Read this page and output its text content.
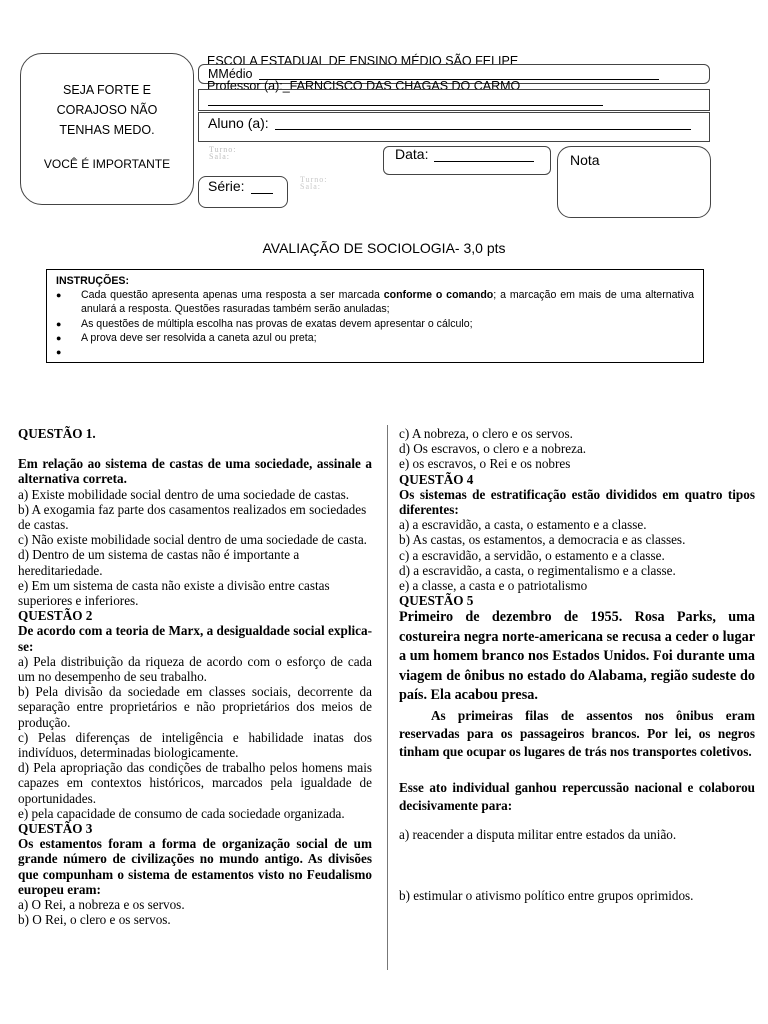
SEJA FORTE E
CORAJOSO NÃO
TENHAS MEDO.
VOCÊ É IMPORTANTE
ESCOLA ESTADUAL DE ENSINO MÉDIO SÃO FELIPE
MMédio
Professor (a):_FARNCISCO DAS CHAGAS DO CARMO
Aluno (a):
Turno:
Sala:	Data:	Nota
Série:	Turno:
Sala:
AVALIAÇÃO DE SOCIOLOGIA- 3,0 pts
INSTRUÇÕES:
● Cada questão apresenta apenas uma resposta a ser marcada conforme o comando; a marcação em mais de uma alternativa anulará a resposta. Questões rasuradas também serão anuladas;
● As questões de múltipla escolha nas provas de exatas devem apresentar o cálculo;
● A prova deve ser resolvida a caneta azul ou preta;

QUESTÃO 1.

Em relação ao sistema de castas de uma sociedade, assinale a alternativa correta.

a) Existe mobilidade social dentro de uma sociedade de castas.

b) A exogamia faz parte dos casamentos realizados em sociedades de castas.

c) Não existe mobilidade social dentro de uma sociedade de casta.

d) Dentro de um sistema de castas não é importante a hereditariedade.

e) Em um sistema de casta não existe a divisão entre castas superiores e inferiores.

QUESTÃO 2

De acordo com a teoria de Marx, a desigualdade social explica-se:

a) Pela distribuição da riqueza de acordo com o esforço de cada um no desempenho de seu trabalho.

b) Pela divisão da sociedade em classes sociais, decorrente da separação entre proprietários e não proprietários dos meios de produção.

c) Pelas diferenças de inteligência e habilidade inatas dos indivíduos, determinadas biologicamente.

d) Pela apropriação das condições de trabalho pelos homens mais capazes em contextos históricos, marcados pela igualdade de oportunidades.

e) pela capacidade de consumo de cada sociedade organizada.

QUESTÃO 3

Os estamentos foram a forma de organização social de um grande número de civilizações no mundo antigo. As divisões que compunham o sistema de estamentos visto no Feudalismo europeu eram:

a) O Rei, a nobreza e os servos.

b) O Rei, o clero e os servos.

c) A nobreza, o clero e os servos.

d) Os escravos, o clero e a nobreza.

e) os escravos, o Rei e os nobres

QUESTÃO 4

Os sistemas de estratificação estão divididos em quatro tipos diferentes:

a) a escravidão, a casta, o estamento e a classe.

b) As castas, os estamentos, a democracia e as classes.

c) a escravidão, a servidão, o estamento e a classe.

d) a escravidão, a casta, o regimentalismo e a classe.

e) a classe, a casta e o patriotalismo

QUESTÃO 5

Primeiro de dezembro de 1955. Rosa Parks, uma costureira negra norte-americana se recusa a ceder o lugar a um homem branco nos Estados Unidos. Foi durante uma viagem de ônibus no estado do Alabama, região sudeste do país. Ela acabou presa.

As primeiras filas de assentos nos ônibus eram reservadas para os passageiros brancos. Por lei, os negros tinham que ocupar os lugares de trás nos transportes coletivos.

Esse ato individual ganhou repercussão nacional e colaborou decisivamente para:

a) reacender a disputa militar entre estados da união.

b) estimular o ativismo político entre grupos oprimidos.
